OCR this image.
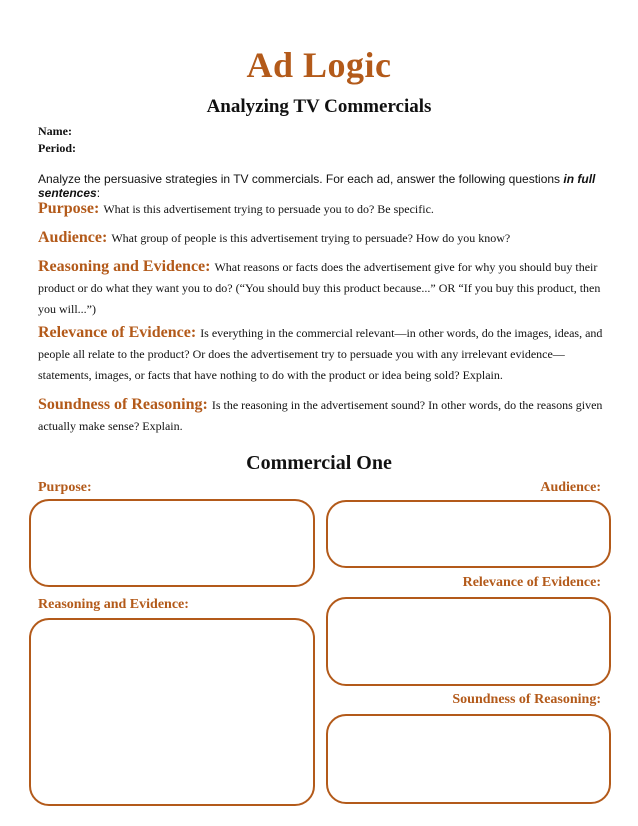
Ad Logic
Analyzing TV Commercials
Name:
Period:
Analyze the persuasive strategies in TV commercials. For each ad, answer the following questions in full sentences:
Purpose: What is this advertisement trying to persuade you to do? Be specific.
Audience: What group of people is this advertisement trying to persuade? How do you know?
Reasoning and Evidence: What reasons or facts does the advertisement give for why you should buy their product or do what they want you to do? (“You should buy this product because...” OR “If you buy this product, then you will...”)
Relevance of Evidence: Is everything in the commercial relevant—in other words, do the images, ideas, and people all relate to the product? Or does the advertisement try to persuade you with any irrelevant evidence—statements, images, or facts that have nothing to do with the product or idea being sold? Explain.
Soundness of Reasoning: Is the reasoning in the advertisement sound? In other words, do the reasons given actually make sense? Explain.
Commercial One
Purpose:	Audience:
Relevance of Evidence:
Reasoning and Evidence:
Soundness of Reasoning:
